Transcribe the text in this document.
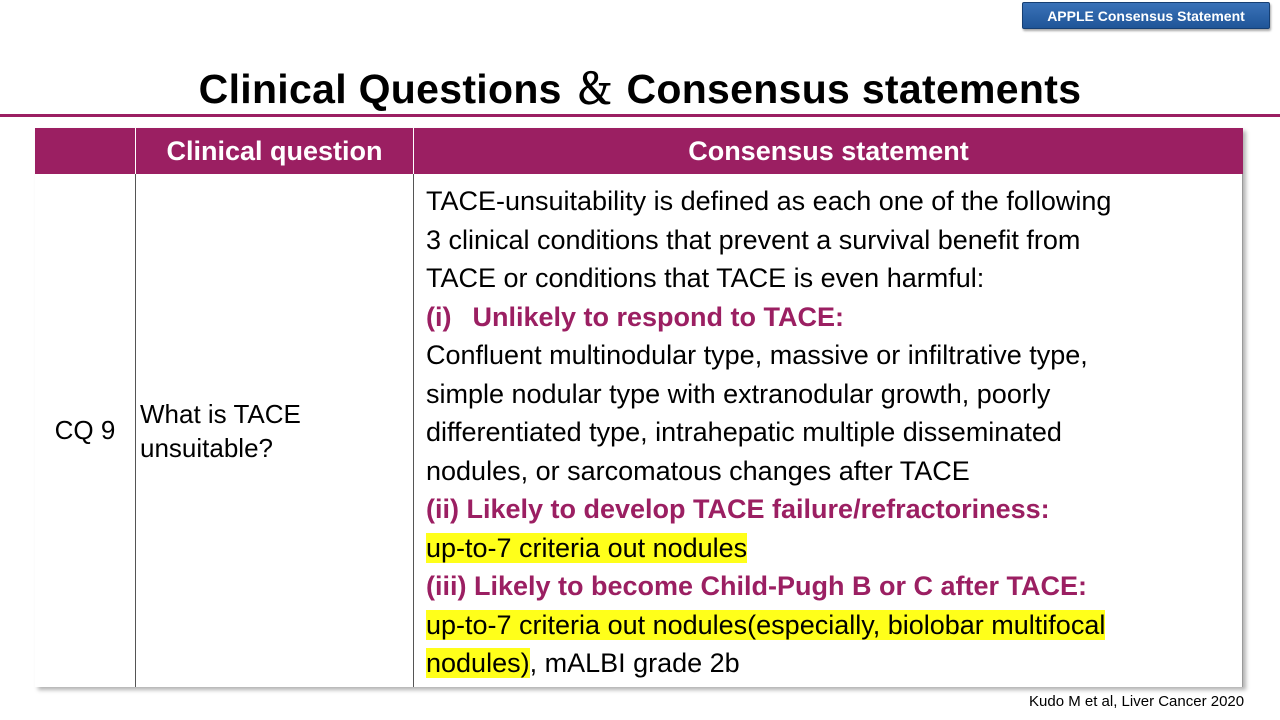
APPLE Consensus Statement
Clinical Questions ＆ Consensus statements
Clinical question	Consensus statement
CQ 9
What is TACE
unsuitable?
TACE-unsuitability is defined as each one of the following
3 clinical conditions that prevent a survival benefit from
TACE or conditions that TACE is even harmful:
(i)  Unlikely to respond to TACE:
Confluent multinodular type, massive or infiltrative type,
simple nodular type with extranodular growth, poorly
differentiated type, intrahepatic multiple disseminated
nodules, or sarcomatous changes after TACE
(ii) Likely to develop TACE failure/refractoriness:
up-to-7 criteria out nodules
(iii) Likely to become Child-Pugh B or C after TACE:
up-to-7 criteria out nodules(especially, biolobar multifocal
nodules), mALBI grade 2b
Kudo M et al, Liver Cancer 2020
